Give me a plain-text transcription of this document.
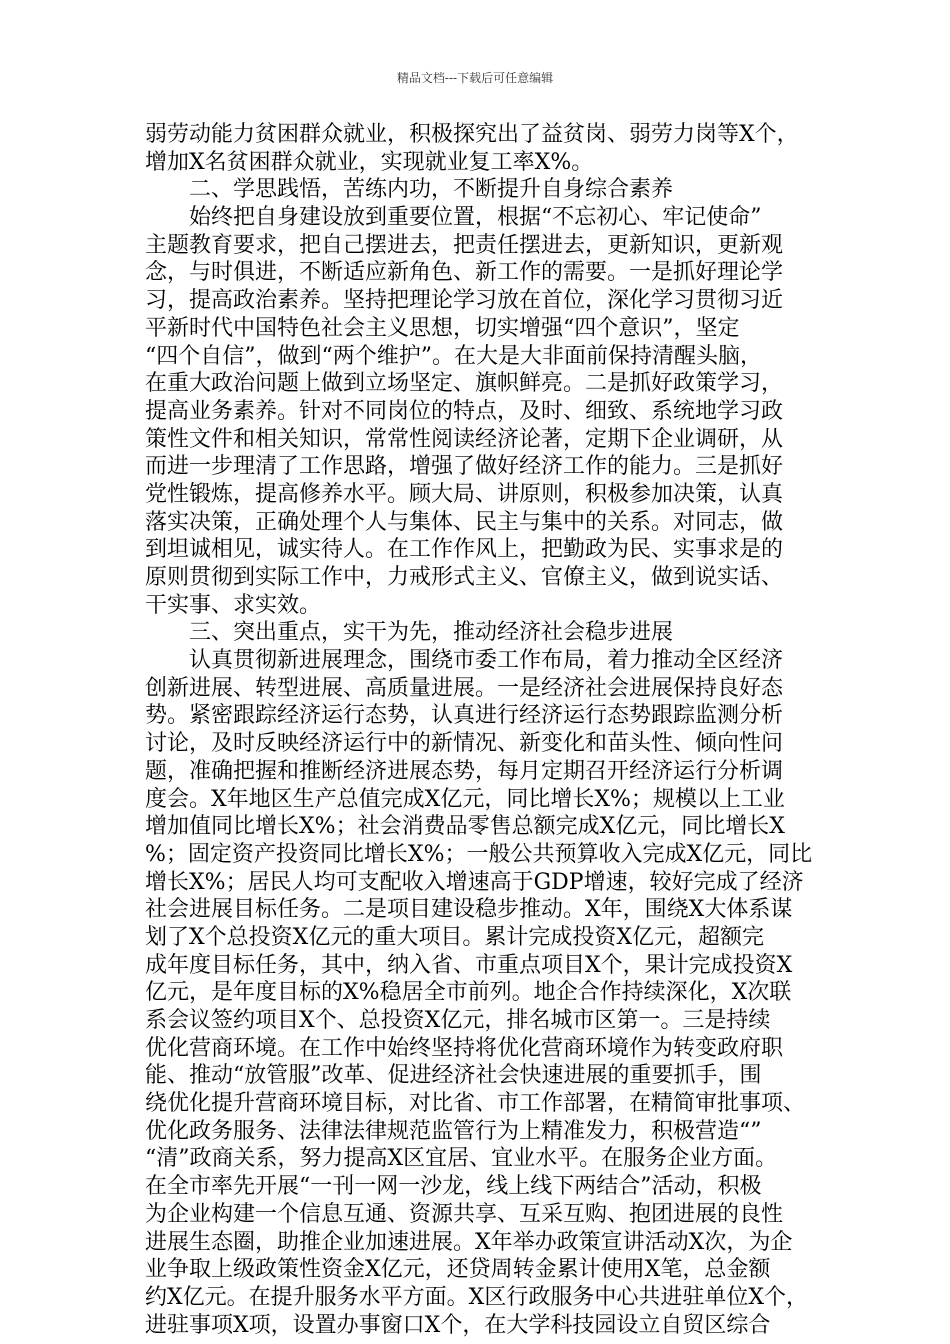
精品文档---下载后可任意编辑
弱劳动能力贫困群众就业，积极探究出了益贫岗、弱劳力岗等X个，
增加X名贫困群众就业，实现就业复工率X%。
二、学思践悟，苦练内功，不断提升自身综合素养
始终把自身建设放到重要位置，根据“不忘初心、牢记使命”
主题教育要求，把自己摆进去，把责任摆进去，更新知识，更新观
念，与时俱进，不断适应新角色、新工作的需要。一是抓好理论学
习，提高政治素养。坚持把理论学习放在首位，深化学习贯彻习近
平新时代中国特色社会主义思想，切实增强“四个意识”，坚定
“四个自信”，做到“两个维护”。在大是大非面前保持清醒头脑，
在重大政治问题上做到立场坚定、旗帜鲜亮。二是抓好政策学习，
提高业务素养。针对不同岗位的特点，及时、细致、系统地学习政
策性文件和相关知识，常常性阅读经济论著，定期下企业调研，从
而进一步理清了工作思路，增强了做好经济工作的能力。三是抓好
党性锻炼，提高修养水平。顾大局、讲原则，积极参加决策，认真
落实决策，正确处理个人与集体、民主与集中的关系。对同志，做
到坦诚相见，诚实待人。在工作作风上，把勤政为民、实事求是的
原则贯彻到实际工作中，力戒形式主义、官僚主义，做到说实话、
干实事、求实效。
三、突出重点，实干为先，推动经济社会稳步进展
认真贯彻新进展理念，围绕市委工作布局，着力推动全区经济
创新进展、转型进展、高质量进展。一是经济社会进展保持良好态
势。紧密跟踪经济运行态势，认真进行经济运行态势跟踪监测分析
讨论，及时反映经济运行中的新情况、新变化和苗头性、倾向性问
题，准确把握和推断经济进展态势，每月定期召开经济运行分析调
度会。X年地区生产总值完成X亿元，同比增长X%；规模以上工业
增加值同比增长X%；社会消费品零售总额完成X亿元，同比增长X
%；固定资产投资同比增长X%；一般公共预算收入完成X亿元，同比
增长X%；居民人均可支配收入增速高于GDP增速，较好完成了经济
社会进展目标任务。二是项目建设稳步推动。X年，围绕X大体系谋
划了X个总投资X亿元的重大项目。累计完成投资X亿元，超额完
成年度目标任务，其中，纳入省、市重点项目X个，果计完成投资X
亿元，是年度目标的X%稳居全市前列。地企合作持续深化，X次联
系会议签约项目X个、总投资X亿元，排名城市区第一。三是持续
优化营商环境。在工作中始终坚持将优化营商环境作为转变政府职
能、推动“放管服”改革、促进经济社会快速进展的重要抓手，围
绕优化提升营商环境目标，对比省、市工作部署，在精简审批事项、
优化政务服务、法律法律规范监管行为上精准发力，积极营造“”
“清”政商关系，努力提高X区宜居、宜业水平。在服务企业方面。
在全市率先开展“一刊一网一沙龙，线上线下两结合”活动，积极
为企业构建一个信息互通、资源共享、互采互购、抱团进展的良性
进展生态圈，助推企业加速进展。X年举办政策宣讲活动X次，为企
业争取上级政策性资金X亿元，还贷周转金累计使用X笔，总金额
约X亿元。在提升服务水平方面。X区行政服务中心共进驻单位X个，
进驻事项X项，设置办事窗口X个，在大学科技园设立自贸区综合
